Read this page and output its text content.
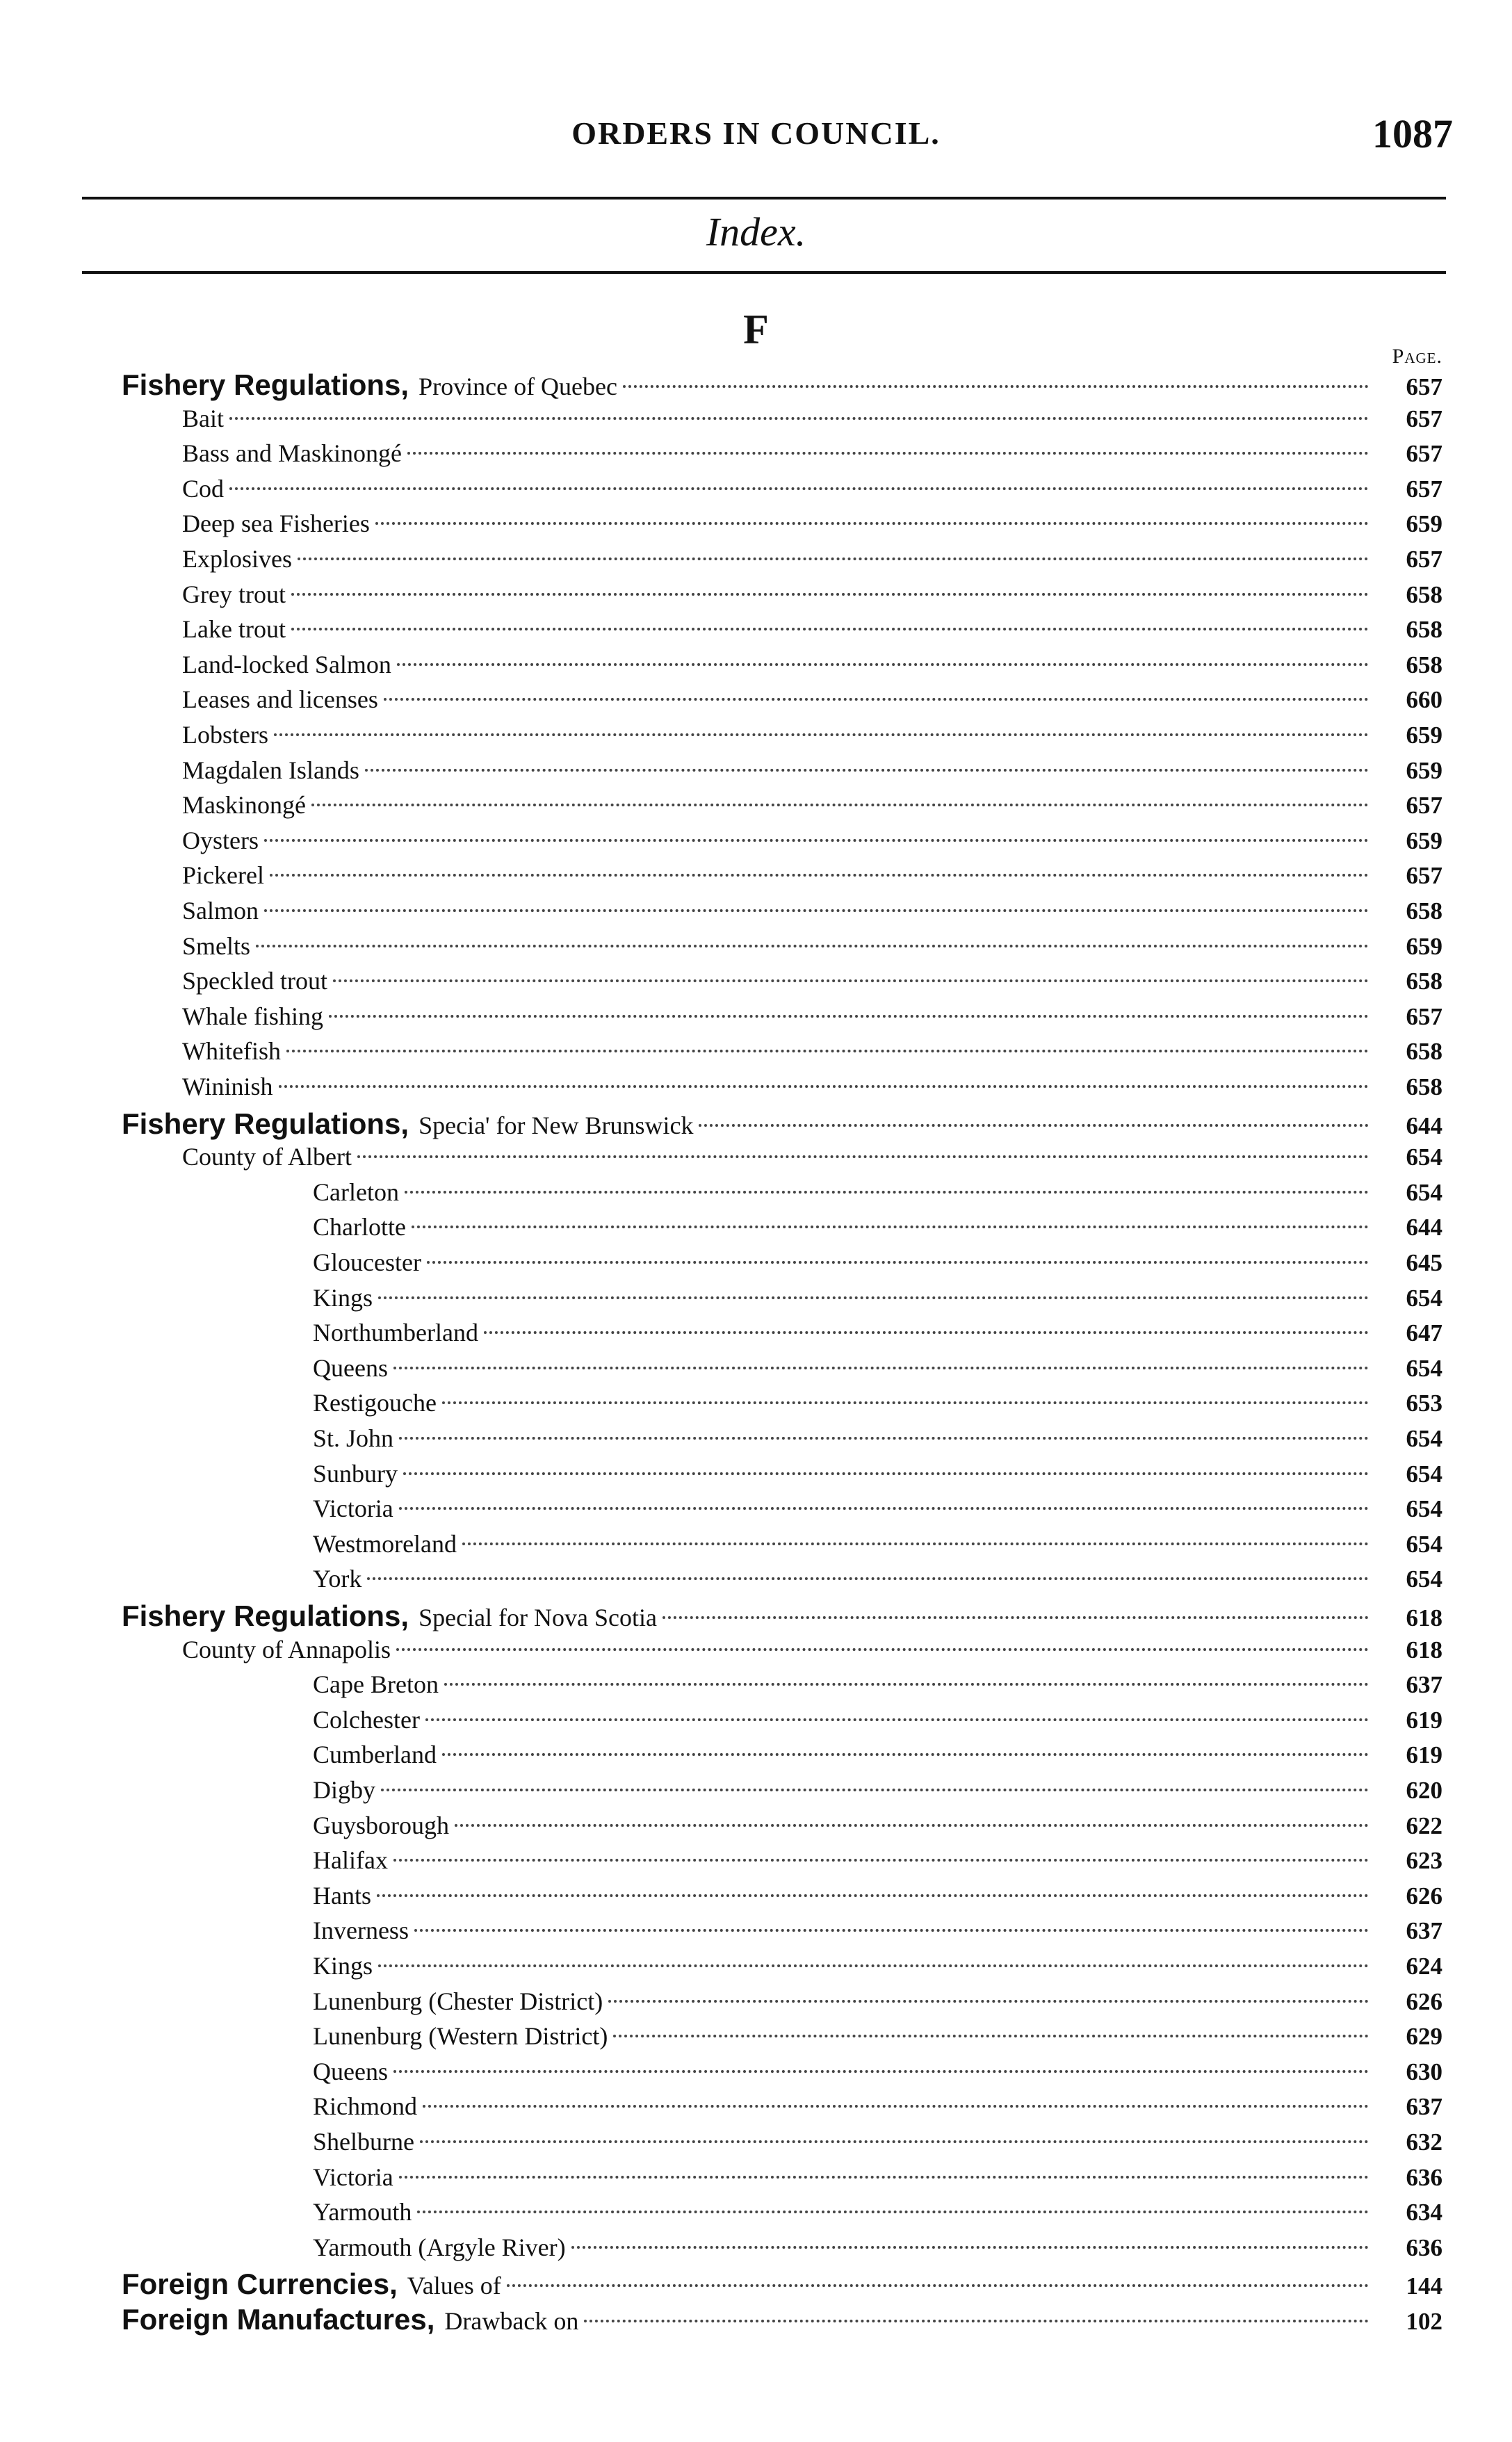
ORDERS IN COUNCIL.	1087
Index.
F
Page.
Fishery Regulations, Province of Quebec	657
Bait	657
Bass and Maskinongé	657
Cod	657
Deep sea Fisheries	659
Explosives	657
Grey trout	658
Lake trout	658
Land-locked Salmon	658
Leases and licenses	660
Lobsters	659
Magdalen Islands	659
Maskinongé	657
Oysters	659
Pickerel	657
Salmon	658
Smelts	659
Speckled trout	658
Whale fishing	657
Whitefish	658
Wininish	658
Fishery Regulations, Specia' for New Brunswick	644
County of Albert	654
Carleton	654
Charlotte	644
Gloucester	645
Kings	654
Northumberland	647
Queens	654
Restigouche	653
St. John	654
Sunbury	654
Victoria	654
Westmoreland	654
York	654
Fishery Regulations, Special for Nova Scotia	618
County of Annapolis	618
Cape Breton	637
Colchester	619
Cumberland	619
Digby	620
Guysborough	622
Halifax	623
Hants	626
Inverness	637
Kings	624
Lunenburg (Chester District)	626
Lunenburg (Western District)	629
Queens	630
Richmond	637
Shelburne	632
Victoria	636
Yarmouth	634
Yarmouth (Argyle River)	636
Foreign Currencies, Values of	144
Foreign Manufactures, Drawback on	102
